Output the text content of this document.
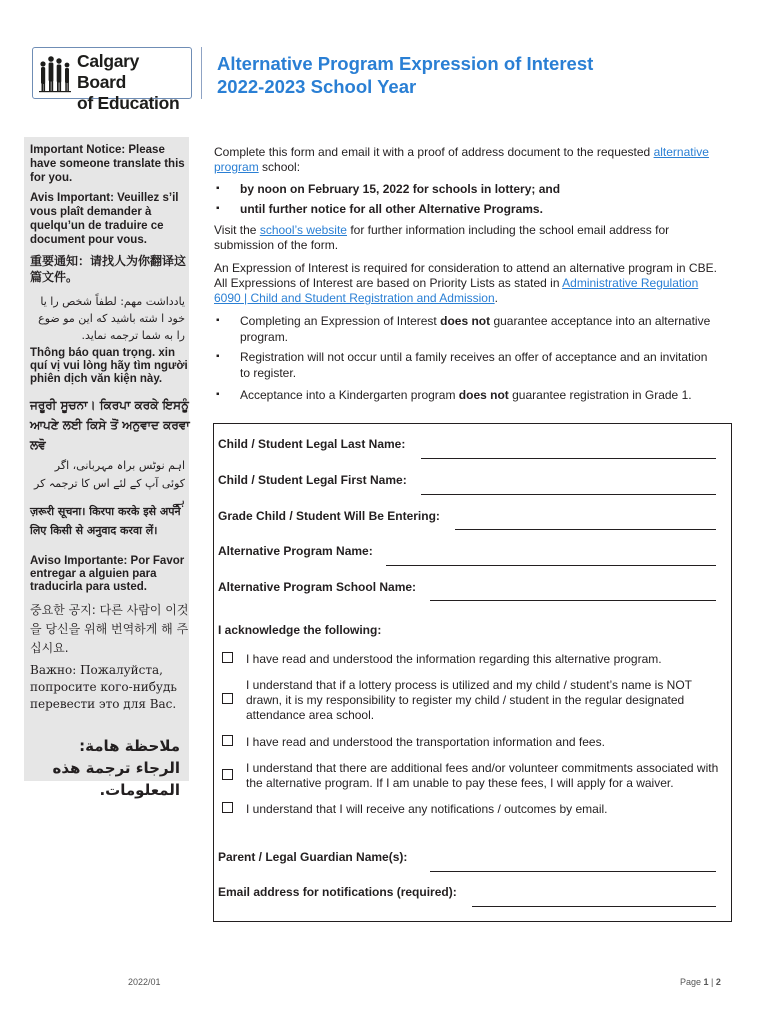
Calgary Board
of Education
Alternative Program Expression of Interest
2022-2023 School Year
Important Notice: Please have someone translate this for you.
Avis Important: Veuillez s’il vous plaît demander à quelqu’un de traduire ce document pour vous.
重要通知：请找人为你翻译这篇文件。
یادداشت مهم: لطفاً شخص را یا خود ا شته باشید که این مو ضوع را به شما ترجمه نماید.
Thông báo quan trọng. xin quí vị vui lòng hãy tìm người phiên dịch văn kiện này.
ਜਰੂਰੀ ਸੂਚਨਾ। ਕਿਰਪਾ ਕਰਕੇ ਇਸਨੂੰ ਆਪਣੇ ਲਈ ਕਿਸੇ ਤੋਂ ਅਨੁਵਾਦ ਕਰਵਾ ਲਵੋ
اہم نوٹس براہ مہربانی، اگر کوئی آپ کے لئے اس کا ترجمہ کر ہے
ज़रूरी सूचना। किरपा करके इसे अपने लिए किसी से अनुवाद करवा लें।
Aviso Importante: Por Favor entregar a alguien para traducirla para usted.
중요한 공지: 다른 사람이 이것을 당신을 위해 번역하게 해 주십시요.
Важно: Пожалуйста, попросите кого-нибудь перевести это для Вас.
ملاحظة هامة: الرجاء ترجمة هذه المعلومات.
Complete this form and email it with a proof of address document to the requested alternative program school:
▪ by noon on February 15, 2022 for schools in lottery; and
▪ until further notice for all other Alternative Programs.
Visit the school’s website for further information including the school email address for submission of the form.
An Expression of Interest is required for consideration to attend an alternative program in CBE. All Expressions of Interest are based on Priority Lists as stated in Administrative Regulation 6090 | Child and Student Registration and Admission.
▪ Completing an Expression of Interest does not guarantee acceptance into an alternative program.
▪ Registration will not occur until a family receives an offer of acceptance and an invitation to register.
▪ Acceptance into a Kindergarten program does not guarantee registration in Grade 1.
Child / Student Legal Last Name:
Child / Student Legal First Name:
Grade Child / Student Will Be Entering:
Alternative Program Name:
Alternative Program School Name:
I acknowledge the following:
I have read and understood the information regarding this alternative program.
I understand that if a lottery process is utilized and my child / student’s name is NOT drawn, it is my responsibility to register my child / student in the regular designated attendance area school.
I have read and understood the transportation information and fees.
I understand that there are additional fees and/or volunteer commitments associated with the alternative program. If I am unable to pay these fees, I will apply for a waiver.
I understand that I will receive any notifications / outcomes by email.
Parent / Legal Guardian Name(s):
Email address for notifications (required):
2022/01	Page 1 | 2
